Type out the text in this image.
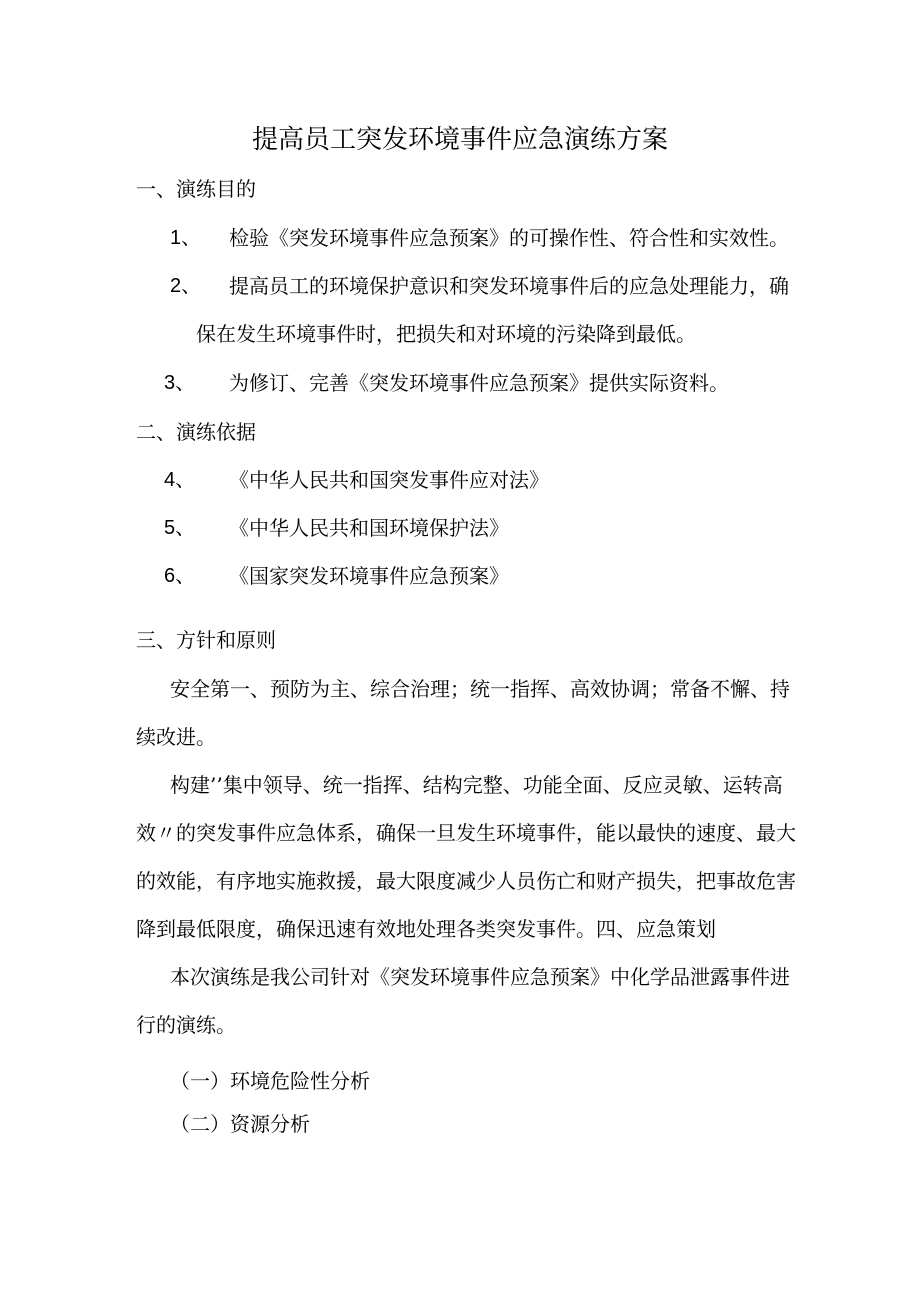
提高员工突发环境事件应急演练方案
一、演练目的
1、 检验《突发环境事件应急预案》的可操作性、符合性和实效性。
2、 提高员工的环境保护意识和突发环境事件后的应急处理能力，确
保在发生环境事件时，把损失和对环境的污染降到最低。
3、 为修订、完善《突发环境事件应急预案》提供实际资料。
二、演练依据
4、 《中华人民共和国突发事件应对法》
5、 《中华人民共和国环境保护法》
6、 《国家突发环境事件应急预案》
三、方针和原则
安全第一、预防为主、综合治理；统一指挥、高效协调；常备不懈、持
续改进。
构建’’集中领导、统一指挥、结构完整、功能全面、反应灵敏、运转高
效〃的突发事件应急体系，确保一旦发生环境事件，能以最快的速度、最大
的效能，有序地实施救援，最大限度减少人员伤亡和财产损失，把事故危害
降到最低限度，确保迅速有效地处理各类突发事件。四、应急策划
本次演练是我公司针对《突发环境事件应急预案》中化学品泄露事件进
行的演练。
（一）环境危险性分析
（二）资源分析
